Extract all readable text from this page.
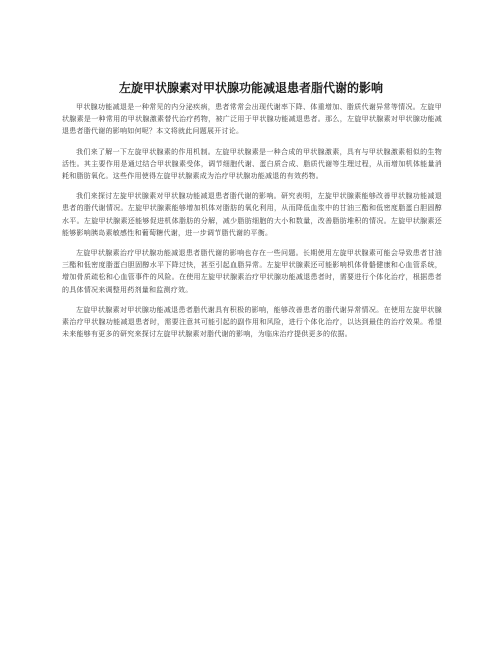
左旋甲状腺素对甲状腺功能减退患者脂代谢的影响

甲状腺功能减退是一种常见的内分泌疾病，患者常常会出现代谢率下降、体重增加、脂质代谢异常等情况。左旋甲状腺素是一种常用的甲状腺激素替代治疗药物，被广泛用于甲状腺功能减退患者。那么，左旋甲状腺素对甲状腺功能减退患者脂代谢的影响如何呢？本文将就此问题展开讨论。

我们来了解一下左旋甲状腺素的作用机制。左旋甲状腺素是一种合成的甲状腺激素，具有与甲状腺激素相似的生物活性。其主要作用是通过结合甲状腺素受体，调节细胞代谢、蛋白质合成、脂质代谢等生理过程，从而增加机体能量消耗和脂肪氧化。这些作用使得左旋甲状腺素成为治疗甲状腺功能减退的有效药物。

我们来探讨左旋甲状腺素对甲状腺功能减退患者脂代谢的影响。研究表明，左旋甲状腺素能够改善甲状腺功能减退患者的脂代谢情况。左旋甲状腺素能够增加机体对脂肪的氧化利用，从而降低血浆中的甘油三酯和低密度脂蛋白胆固醇水平。左旋甲状腺素还能够促进机体脂肪的分解，减少脂肪细胞的大小和数量，改善脂肪堆积的情况。左旋甲状腺素还能够影响胰岛素敏感性和葡萄糖代谢，进一步调节脂代谢的平衡。

左旋甲状腺素治疗甲状腺功能减退患者脂代谢的影响也存在一些问题。长期使用左旋甲状腺素可能会导致患者甘油三酯和低密度脂蛋白胆固醇水平下降过快，甚至引起血脂异常。左旋甲状腺素还可能影响机体骨骼健康和心血管系统，增加骨质疏松和心血管事件的风险。在使用左旋甲状腺素治疗甲状腺功能减退患者时，需要进行个体化治疗，根据患者的具体情况来调整用药剂量和监测疗效。

左旋甲状腺素对甲状腺功能减退患者脂代谢具有积极的影响，能够改善患者的脂代谢异常情况。在使用左旋甲状腺素治疗甲状腺功能减退患者时，需要注意其可能引起的副作用和风险，进行个体化治疗，以达到最佳的治疗效果。希望未来能够有更多的研究来探讨左旋甲状腺素对脂代谢的影响，为临床治疗提供更多的依据。
